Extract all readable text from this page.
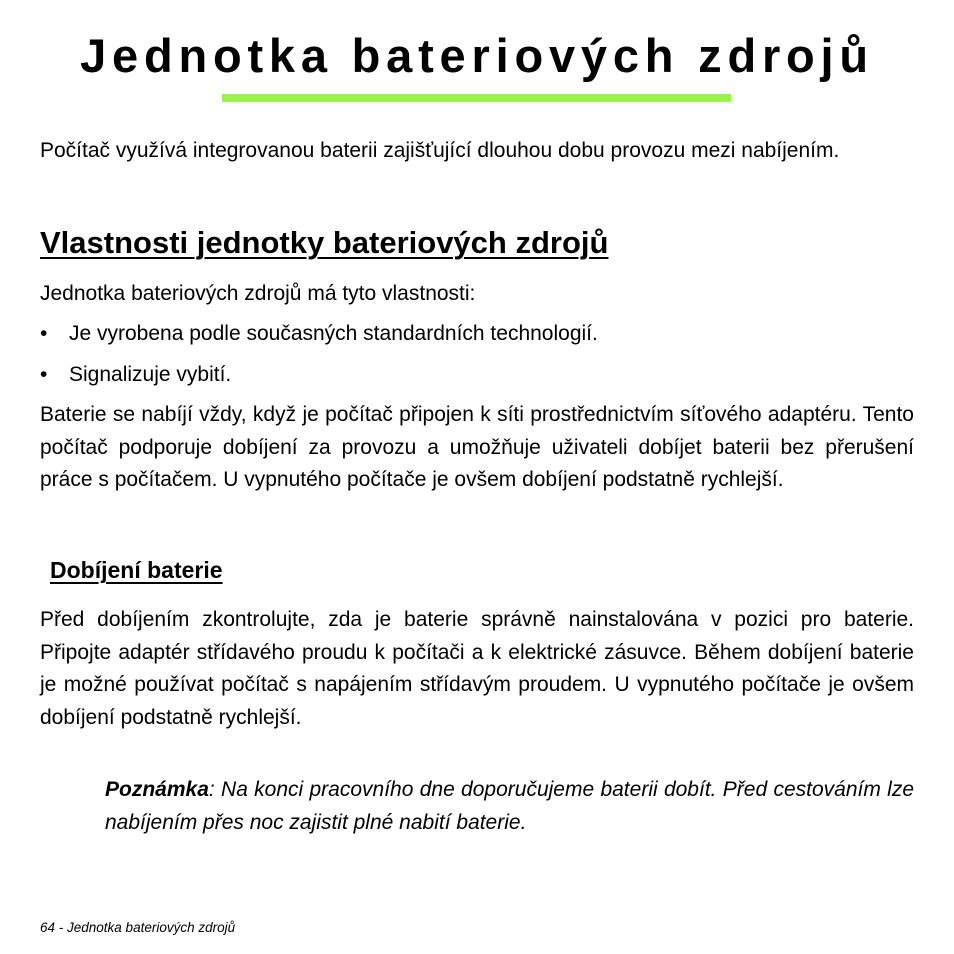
Jednotka bateriových zdrojů

Počítač využívá integrovanou baterii zajišťující dlouhou dobu provozu mezi nabíjením.

Vlastnosti jednotky bateriových zdrojů

Jednotka bateriových zdrojů má tyto vlastnosti:

• Je vyrobena podle současných standardních technologií.
• Signalizuje vybití.

Baterie se nabíjí vždy, když je počítač připojen k síti prostřednictvím síťového adaptéru. Tento počítač podporuje dobíjení za provozu a umožňuje uživateli dobíjet baterii bez přerušení práce s počítačem. U vypnutého počítače je ovšem dobíjení podstatně rychlejší.

Dobíjení baterie

Před dobíjením zkontrolujte, zda je baterie správně nainstalována v pozici pro baterie. Připojte adaptér střídavého proudu k počítači a k elektrické zásuvce. Během dobíjení baterie je možné používat počítač s napájením střídavým proudem. U vypnutého počítače je ovšem dobíjení podstatně rychlejší.

Poznámka: Na konci pracovního dne doporučujeme baterii dobít. Před cestováním lze nabíjením přes noc zajistit plné nabití baterie.

64 - Jednotka bateriových zdrojů
